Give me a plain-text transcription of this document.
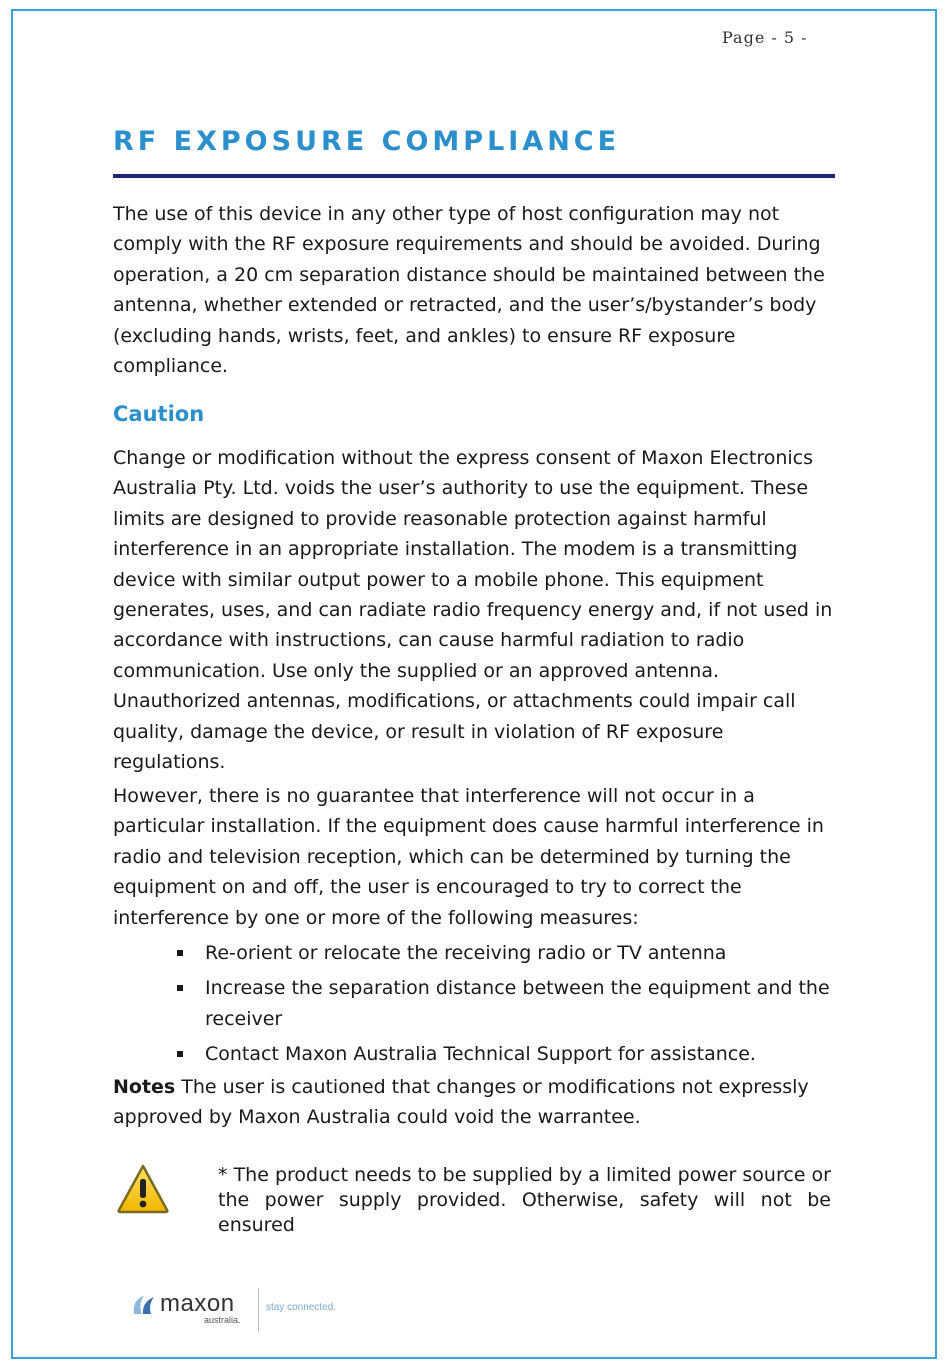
Page - 5 -
RF EXPOSURE COMPLIANCE

The use of this device in any other type of host configuration may not comply with the RF exposure requirements and should be avoided. During operation, a 20 cm separation distance should be maintained between the antenna, whether extended or retracted, and the user’s/bystander’s body (excluding hands, wrists, feet, and ankles) to ensure RF exposure compliance.

Caution

Change or modification without the express consent of Maxon Electronics Australia Pty. Ltd. voids the user’s authority to use the equipment. These limits are designed to provide reasonable protection against harmful interference in an appropriate installation. The modem is a transmitting device with similar output power to a mobile phone. This equipment generates, uses, and can radiate radio frequency energy and, if not used in accordance with instructions, can cause harmful radiation to radio communication. Use only the supplied or an approved antenna. Unauthorized antennas, modifications, or attachments could impair call quality, damage the device, or result in violation of RF exposure regulations.

However, there is no guarantee that interference will not occur in a particular installation. If the equipment does cause harmful interference in radio and television reception, which can be determined by turning the equipment on and off, the user is encouraged to try to correct the interference by one or more of the following measures:

Re-orient or relocate the receiving radio or TV antenna
Increase the separation distance between the equipment and the receiver
Contact Maxon Australia Technical Support for assistance.

Notes The user is cautioned that changes or modifications not expressly approved by Maxon Australia could void the warrantee.

* The product needs to be supplied by a limited power source or the power supply provided. Otherwise, safety will not be ensured

maxon
australia.
stay connected.
